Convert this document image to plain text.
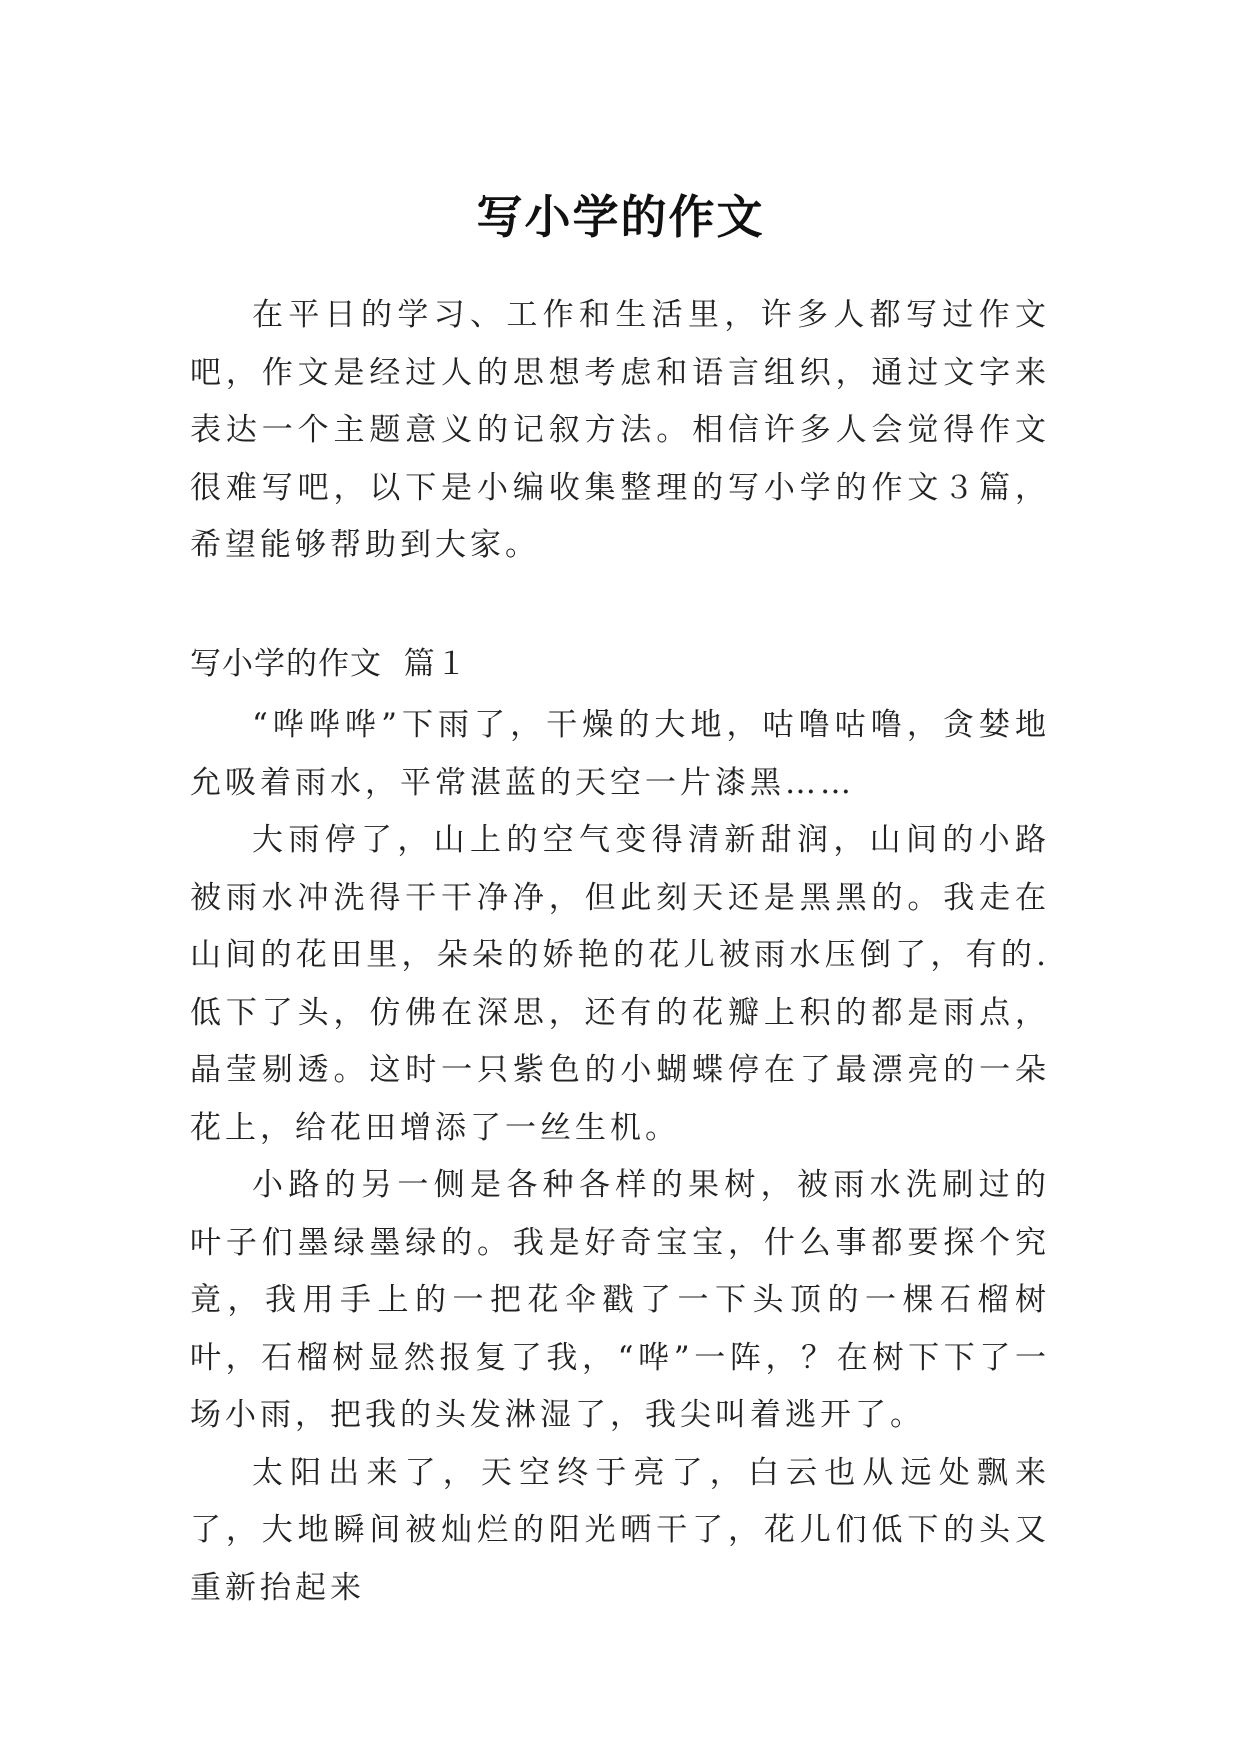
写小学的作文

在平日的学习、工作和生活里，许多人都写过作文吧，作文是经过人的思想考虑和语言组织，通过文字来表达一个主题意义的记叙方法。相信许多人会觉得作文很难写吧，以下是小编收集整理的写小学的作文３篇，希望能够帮助到大家。

写小学的作文  篇１

“哗哗哗”下雨了，干燥的大地，咕噜咕噜，贪婪地允吸着雨水，平常湛蓝的天空一片漆黑……

大雨停了，山上的空气变得清新甜润，山间的小路被雨水冲洗得干干净净，但此刻天还是黑黑的。我走在山间的花田里，朵朵的娇艳的花儿被雨水压倒了，有的.低下了头，仿佛在深思，还有的花瓣上积的都是雨点，晶莹剔透。这时一只紫色的小蝴蝶停在了最漂亮的一朵花上，给花田增添了一丝生机。

小路的另一侧是各种各样的果树，被雨水洗刷过的叶子们墨绿墨绿的。我是好奇宝宝，什么事都要探个究竟，我用手上的一把花伞戳了一下头顶的一棵石榴树叶，石榴树显然报复了我，“哗”一阵，？在树下下了一场小雨，把我的头发淋湿了，我尖叫着逃开了。

太阳出来了，天空终于亮了，白云也从远处飘来了，大地瞬间被灿烂的阳光晒干了，花儿们低下的头又重新抬起来
